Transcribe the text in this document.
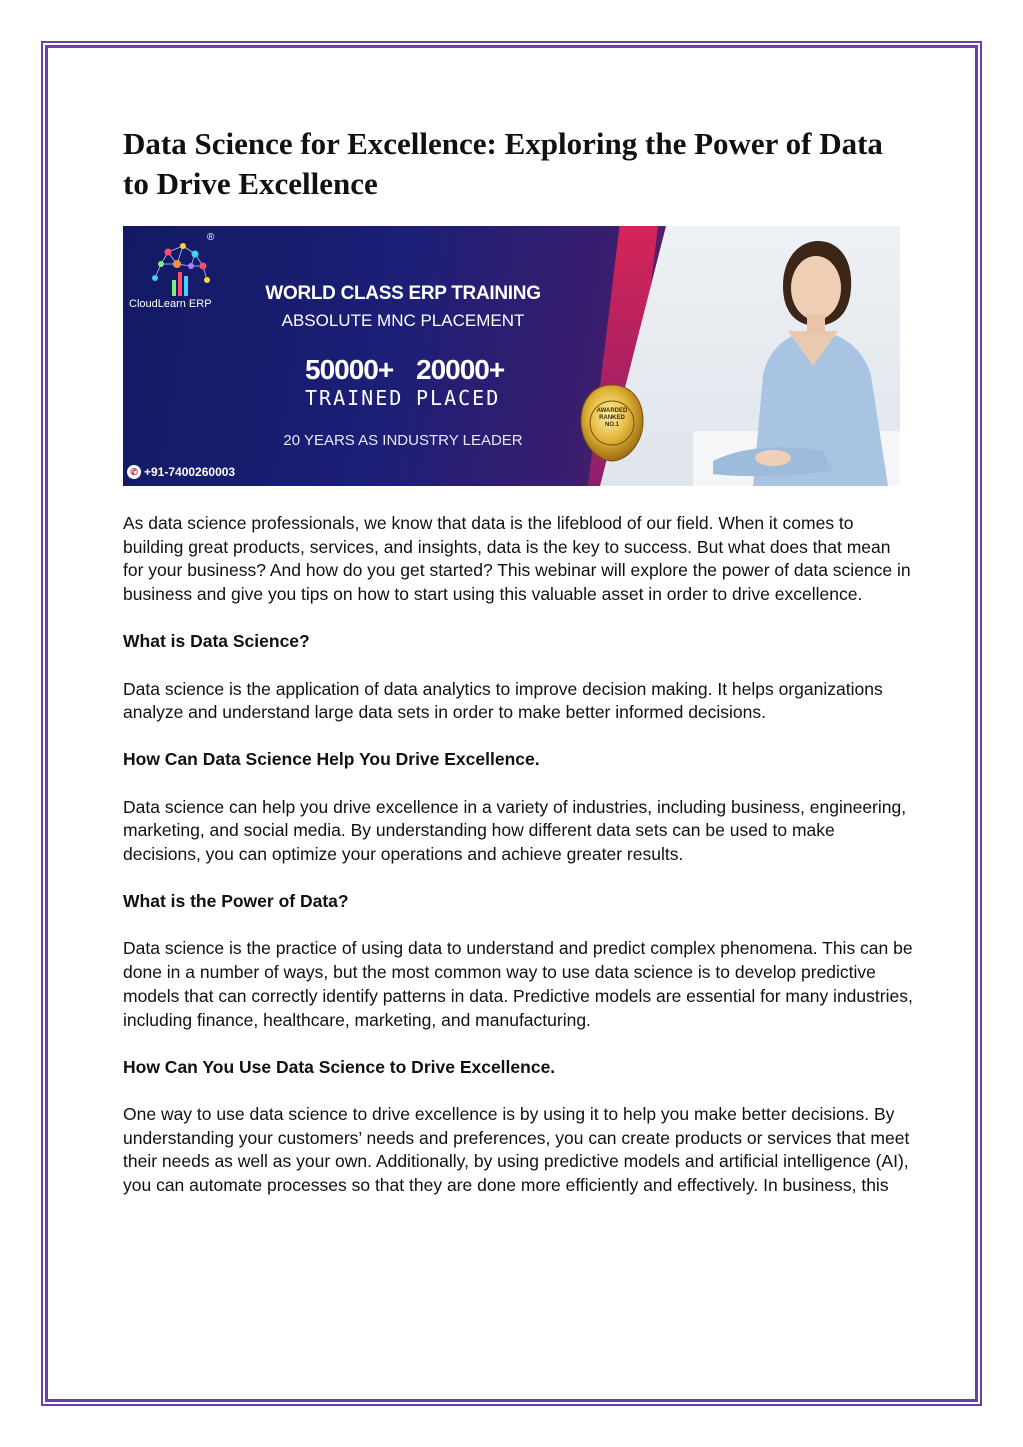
Data Science for Excellence: Exploring the Power of Data to Drive Excellence
®
CloudLearn ERP	WORLD CLASS ERP TRAINING
ABSOLUTE MNC PLACEMENT
50000+
TRAINED
20000+
PLACED
20 YEARS AS INDUSTRY LEADER
✆ +91-7400260003
AWARDED
RANKED
NO.1

As data science professionals, we know that data is the lifeblood of our field. When it comes to building great products, services, and insights, data is the key to success. But what does that mean for your business? And how do you get started? This webinar will explore the power of data science in business and give you tips on how to start using this valuable asset in order to drive excellence.

What is Data Science?

Data science is the application of data analytics to improve decision making. It helps organizations analyze and understand large data sets in order to make better informed decisions.

How Can Data Science Help You Drive Excellence.

Data science can help you drive excellence in a variety of industries, including business, engineering, marketing, and social media. By understanding how different data sets can be used to make decisions, you can optimize your operations and achieve greater results.

What is the Power of Data?

Data science is the practice of using data to understand and predict complex phenomena. This can be done in a number of ways, but the most common way to use data science is to develop predictive models that can correctly identify patterns in data. Predictive models are essential for many industries, including finance, healthcare, marketing, and manufacturing.

How Can You Use Data Science to Drive Excellence.

One way to use data science to drive excellence is by using it to help you make better decisions. By understanding your customers’ needs and preferences, you can create products or services that meet their needs as well as your own. Additionally, by using predictive models and artificial intelligence (AI), you can automate processes so that they are done more efficiently and effectively. In business, this
